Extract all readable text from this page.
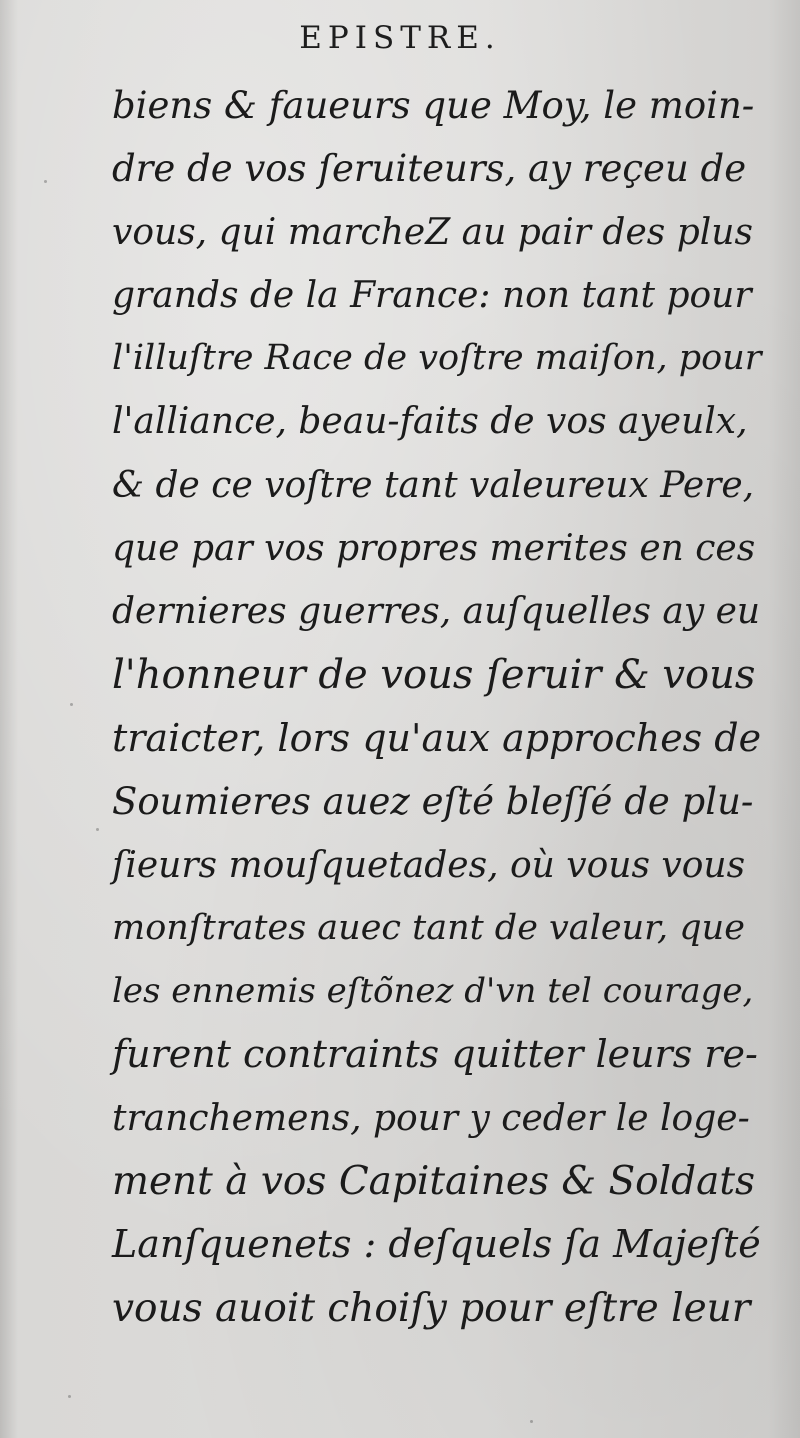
EPISTRE.
biens & faueurs que Moy, le moin-
dre de vos ſeruiteurs, ay reçeu de
vous, qui marcheZ au pair des plus
grands de la France: non tant pour
l'illuſtre Race de voſtre maiſon, pour
l'alliance, beau-faits de vos ayeulx,
& de ce voſtre tant valeureux Pere,
que par vos propres merites en ces
dernieres guerres, auſquelles ay eu
l'honneur de vous ſeruir & vous
traicter, lors qu'aux approches de
Soumieres auez eſté bleſſé de plu-
ſieurs mouſquetades, où vous vous
monſtrates auec tant de valeur, que
les ennemis eſtõnez d'vn tel courage,
furent contraints quitter leurs re-
tranchemens, pour y ceder le loge-
ment à vos Capitaines & Soldats
Lanſquenets : deſquels ſa Majeſté
vous auoit choiſy pour eſtre leur
